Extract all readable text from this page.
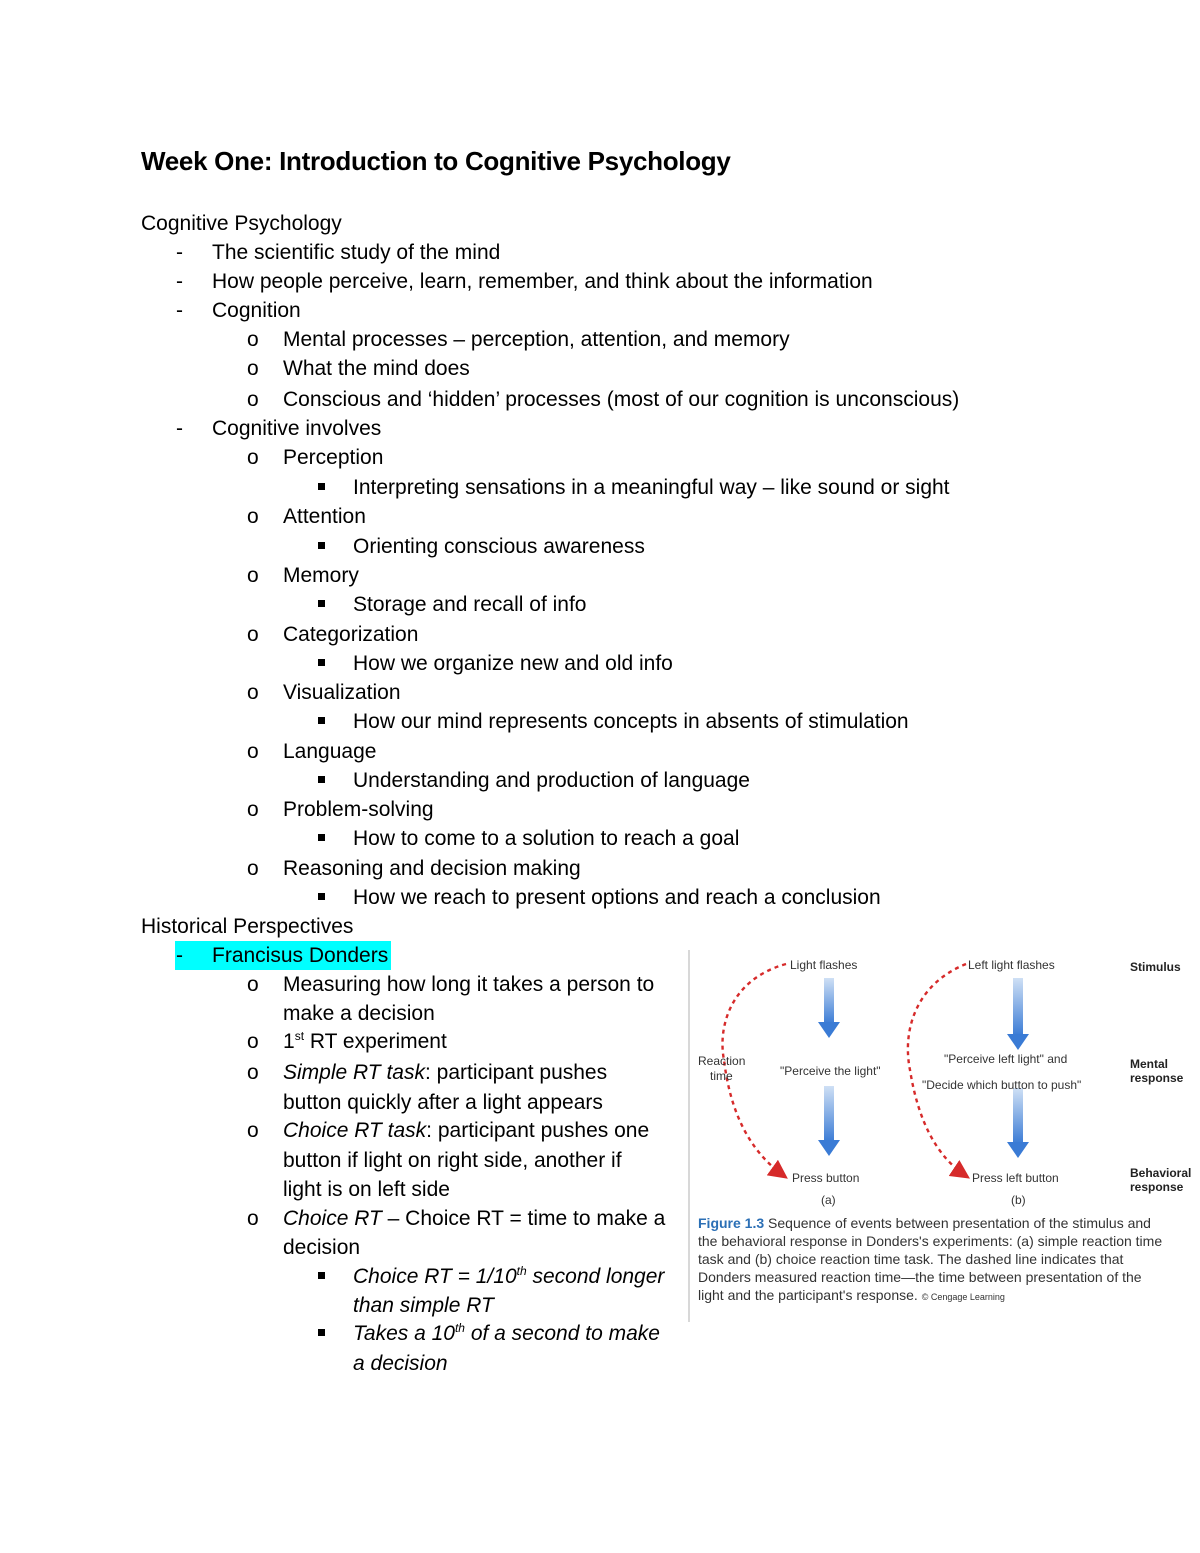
Week One: Introduction to Cognitive Psychology
Cognitive Psychology
- The scientific study of the mind
- How people perceive, learn, remember, and think about the information
- Cognition
o Mental processes – perception, attention, and memory
o What the mind does
o Conscious and ‘hidden’ processes (most of our cognition is unconscious)
- Cognitive involves
o Perception
Interpreting sensations in a meaningful way – like sound or sight
o Attention
Orienting conscious awareness
o Memory
Storage and recall of info
o Categorization
How we organize new and old info
o Visualization
How our mind represents concepts in absents of stimulation
o Language
Understanding and production of language
o Problem-solving
How to come to a solution to reach a goal
o Reasoning and decision making
How we reach to present options and reach a conclusion
Historical Perspectives
- Francisus Donders
o Measuring how long it takes a person to
make a decision
o 1st RT experiment
o Simple RT task: participant pushes
button quickly after a light appears
o Choice RT task: participant pushes one
button if light on right side, another if
light is on left side
o Choice RT – Choice RT = time to make a
decision
Choice RT = 1/10th second longer
than simple RT
Takes a 10th of a second to make
a decision
Light flashes	Left light flashes	Stimulus
Reaction
time	"Perceive the light"
"Perceive left light" and
"Decide which button to push"
Mental
response
Press button	Press left button	Behavioral
response
(a)	(b)
Figure 1.3 Sequence of events between presentation of the stimulus and the behavioral response in Donders's experiments: (a) simple reaction time task and (b) choice reaction time task. The dashed line indicates that Donders measured reaction time—the time between presentation of the light and the participant's response. © Cengage Learning
